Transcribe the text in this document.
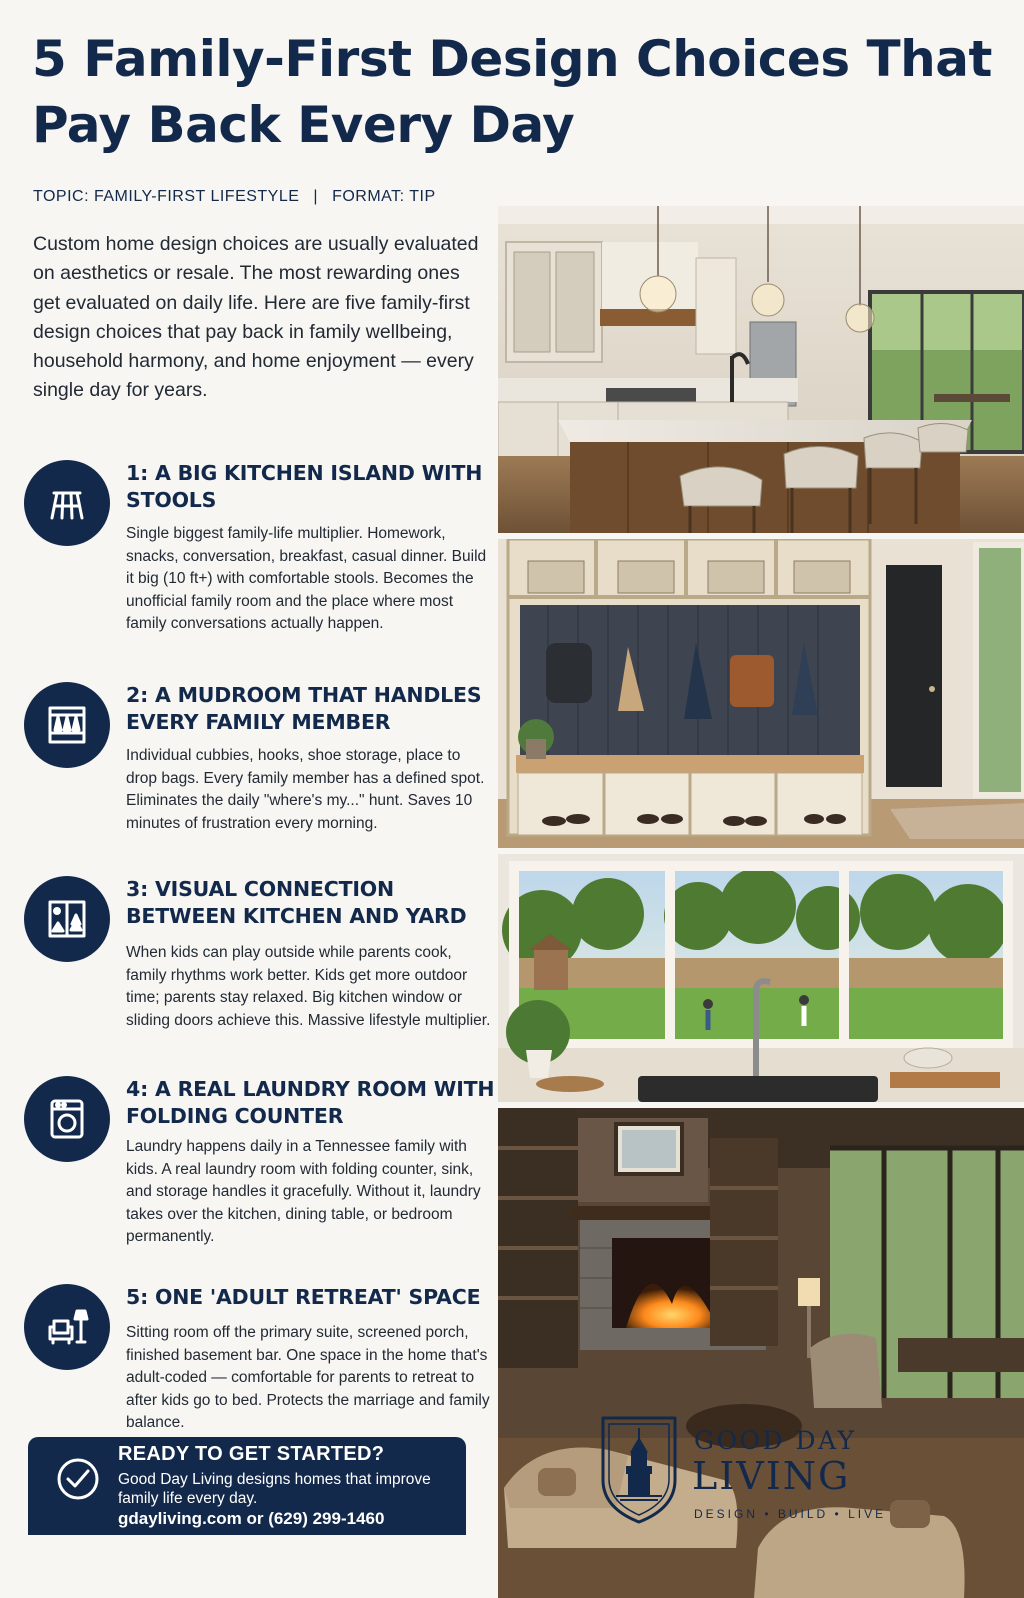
5 Family-First Design Choices That Pay Back Every Day
TOPIC: FAMILY-FIRST LIFESTYLE | FORMAT: TIP

Custom home design choices are usually evaluated on aesthetics or resale. The most rewarding ones get evaluated on daily life. Here are five family-first design choices that pay back in family wellbeing, household harmony, and home enjoyment — every single day for years.

1: A BIG KITCHEN ISLAND WITH STOOLS

Single biggest family-life multiplier. Homework, snacks, conversation, breakfast, casual dinner. Build it big (10 ft+) with comfortable stools. Becomes the unofficial family room and the place where most family conversations actually happen.

2: A MUDROOM THAT HANDLES EVERY FAMILY MEMBER

Individual cubbies, hooks, shoe storage, place to drop bags. Every family member has a defined spot. Eliminates the daily "where's my..." hunt. Saves 10 minutes of frustration every morning.

3: VISUAL CONNECTION BETWEEN KITCHEN AND YARD

When kids can play outside while parents cook, family rhythms work better. Kids get more outdoor time; parents stay relaxed. Big kitchen window or sliding doors achieve this. Massive lifestyle multiplier.

4: A REAL LAUNDRY ROOM WITH FOLDING COUNTER

Laundry happens daily in a Tennessee family with kids. A real laundry room with folding counter, sink, and storage handles it gracefully. Without it, laundry takes over the kitchen, dining table, or bedroom permanently.

5: ONE 'ADULT RETREAT' SPACE

Sitting room off the primary suite, screened porch, finished basement bar. One space in the home that's adult-coded — comfortable for parents to retreat to after kids go to bed. Protects the marriage and family balance.

READY TO GET STARTED?
Good Day Living designs homes that improve family life every day.
gdayliving.com or (629) 299-1460
GOOD DAY
LIVING
DESIGN • BUILD • LIVE
